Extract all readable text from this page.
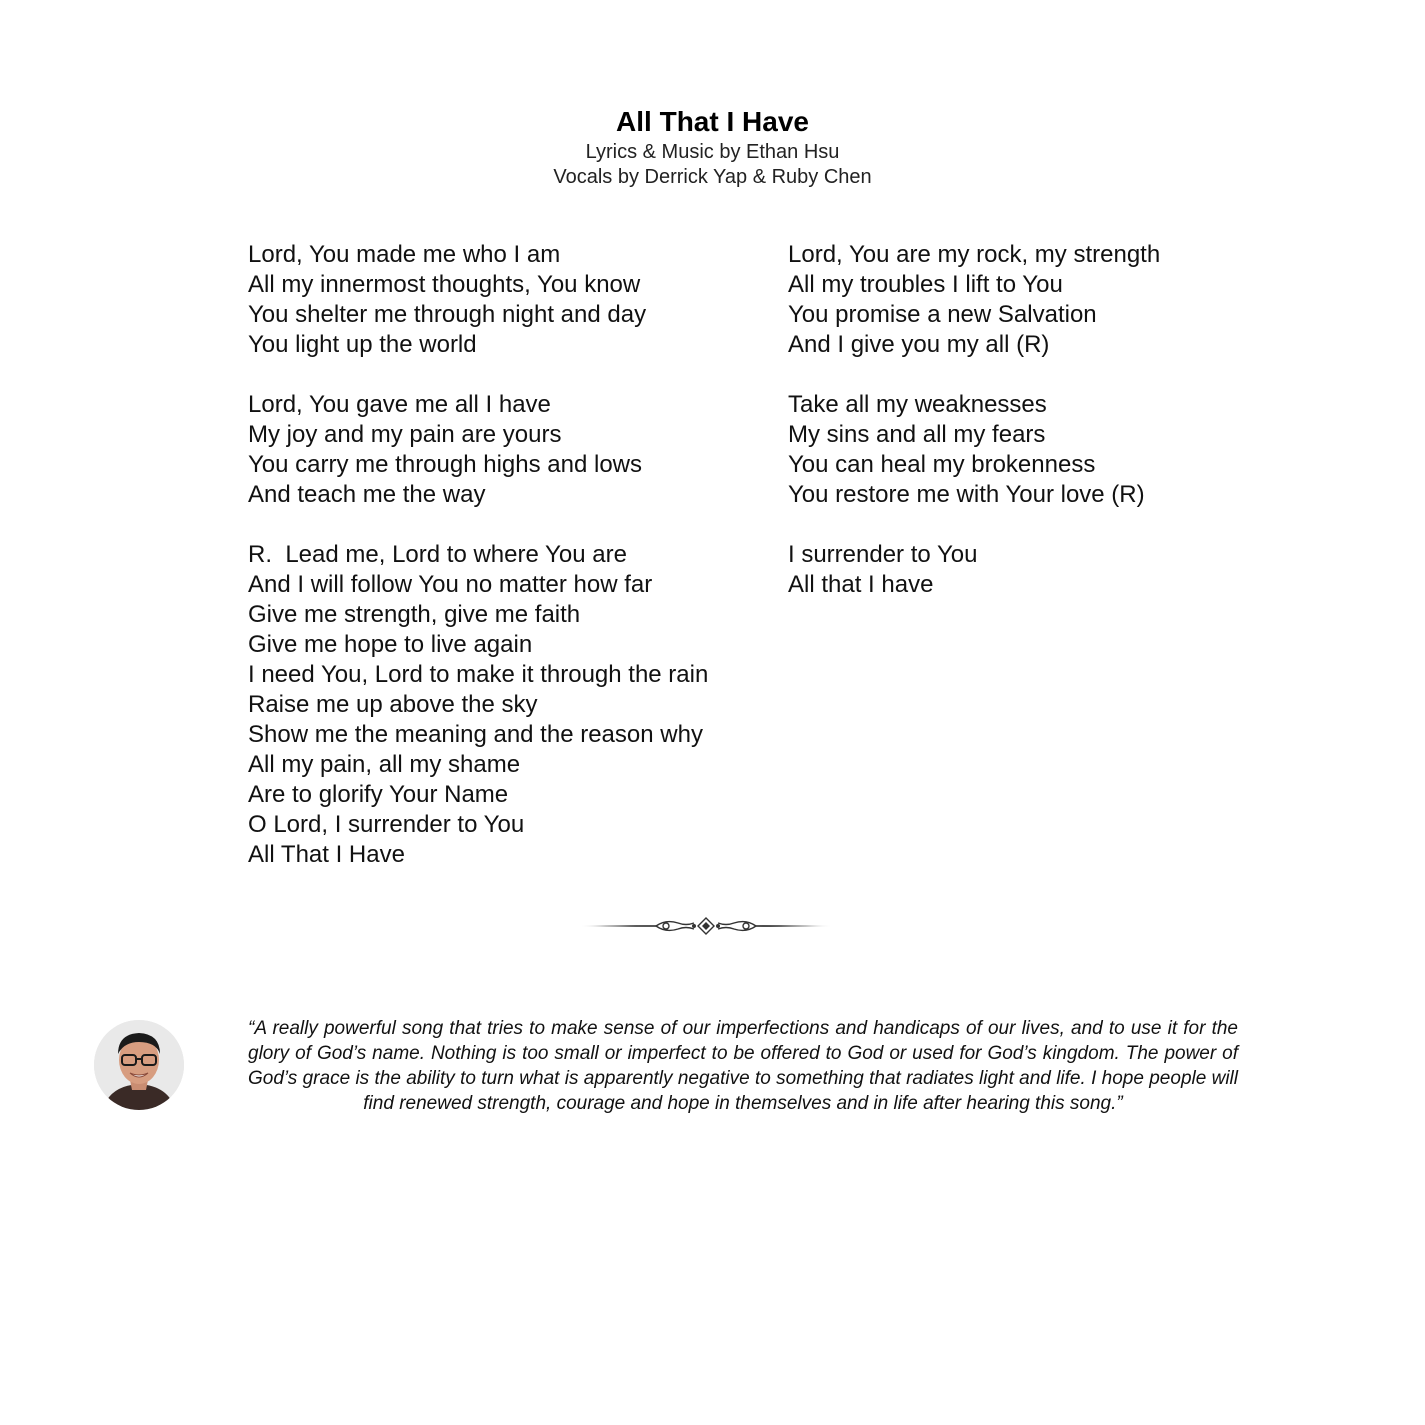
All That I Have
Lyrics & Music by Ethan Hsu
Vocals by Derrick Yap & Ruby Chen
Lord, You made me who I am
All my innermost thoughts, You know
You shelter me through night and day
You light up the world
Lord, You gave me all I have
My joy and my pain are yours
You carry me through highs and lows
And teach me the way
R.  Lead me, Lord to where You are
And I will follow You no matter how far
Give me strength, give me faith
Give me hope to live again
I need You, Lord to make it through the rain
Raise me up above the sky
Show me the meaning and the reason why
All my pain, all my shame
Are to glorify Your Name
O Lord, I surrender to You
All That I Have
Lord, You are my rock, my strength
All my troubles I lift to You
You promise a new Salvation
And I give you my all (R)
Take all my weaknesses
My sins and all my fears
You can heal my brokenness
You restore me with Your love (R)
I surrender to You
All that I have
“A really powerful song that tries to make sense of our imperfections and handicaps of our lives, and to use it for the glory of God’s name. Nothing is too small or imperfect to be offered to God or used for God’s kingdom. The power of God’s grace is the ability to turn what is apparently negative to something that radiates light and life. I hope people will find renewed strength, courage and hope in themselves and in life after hearing this song.”
